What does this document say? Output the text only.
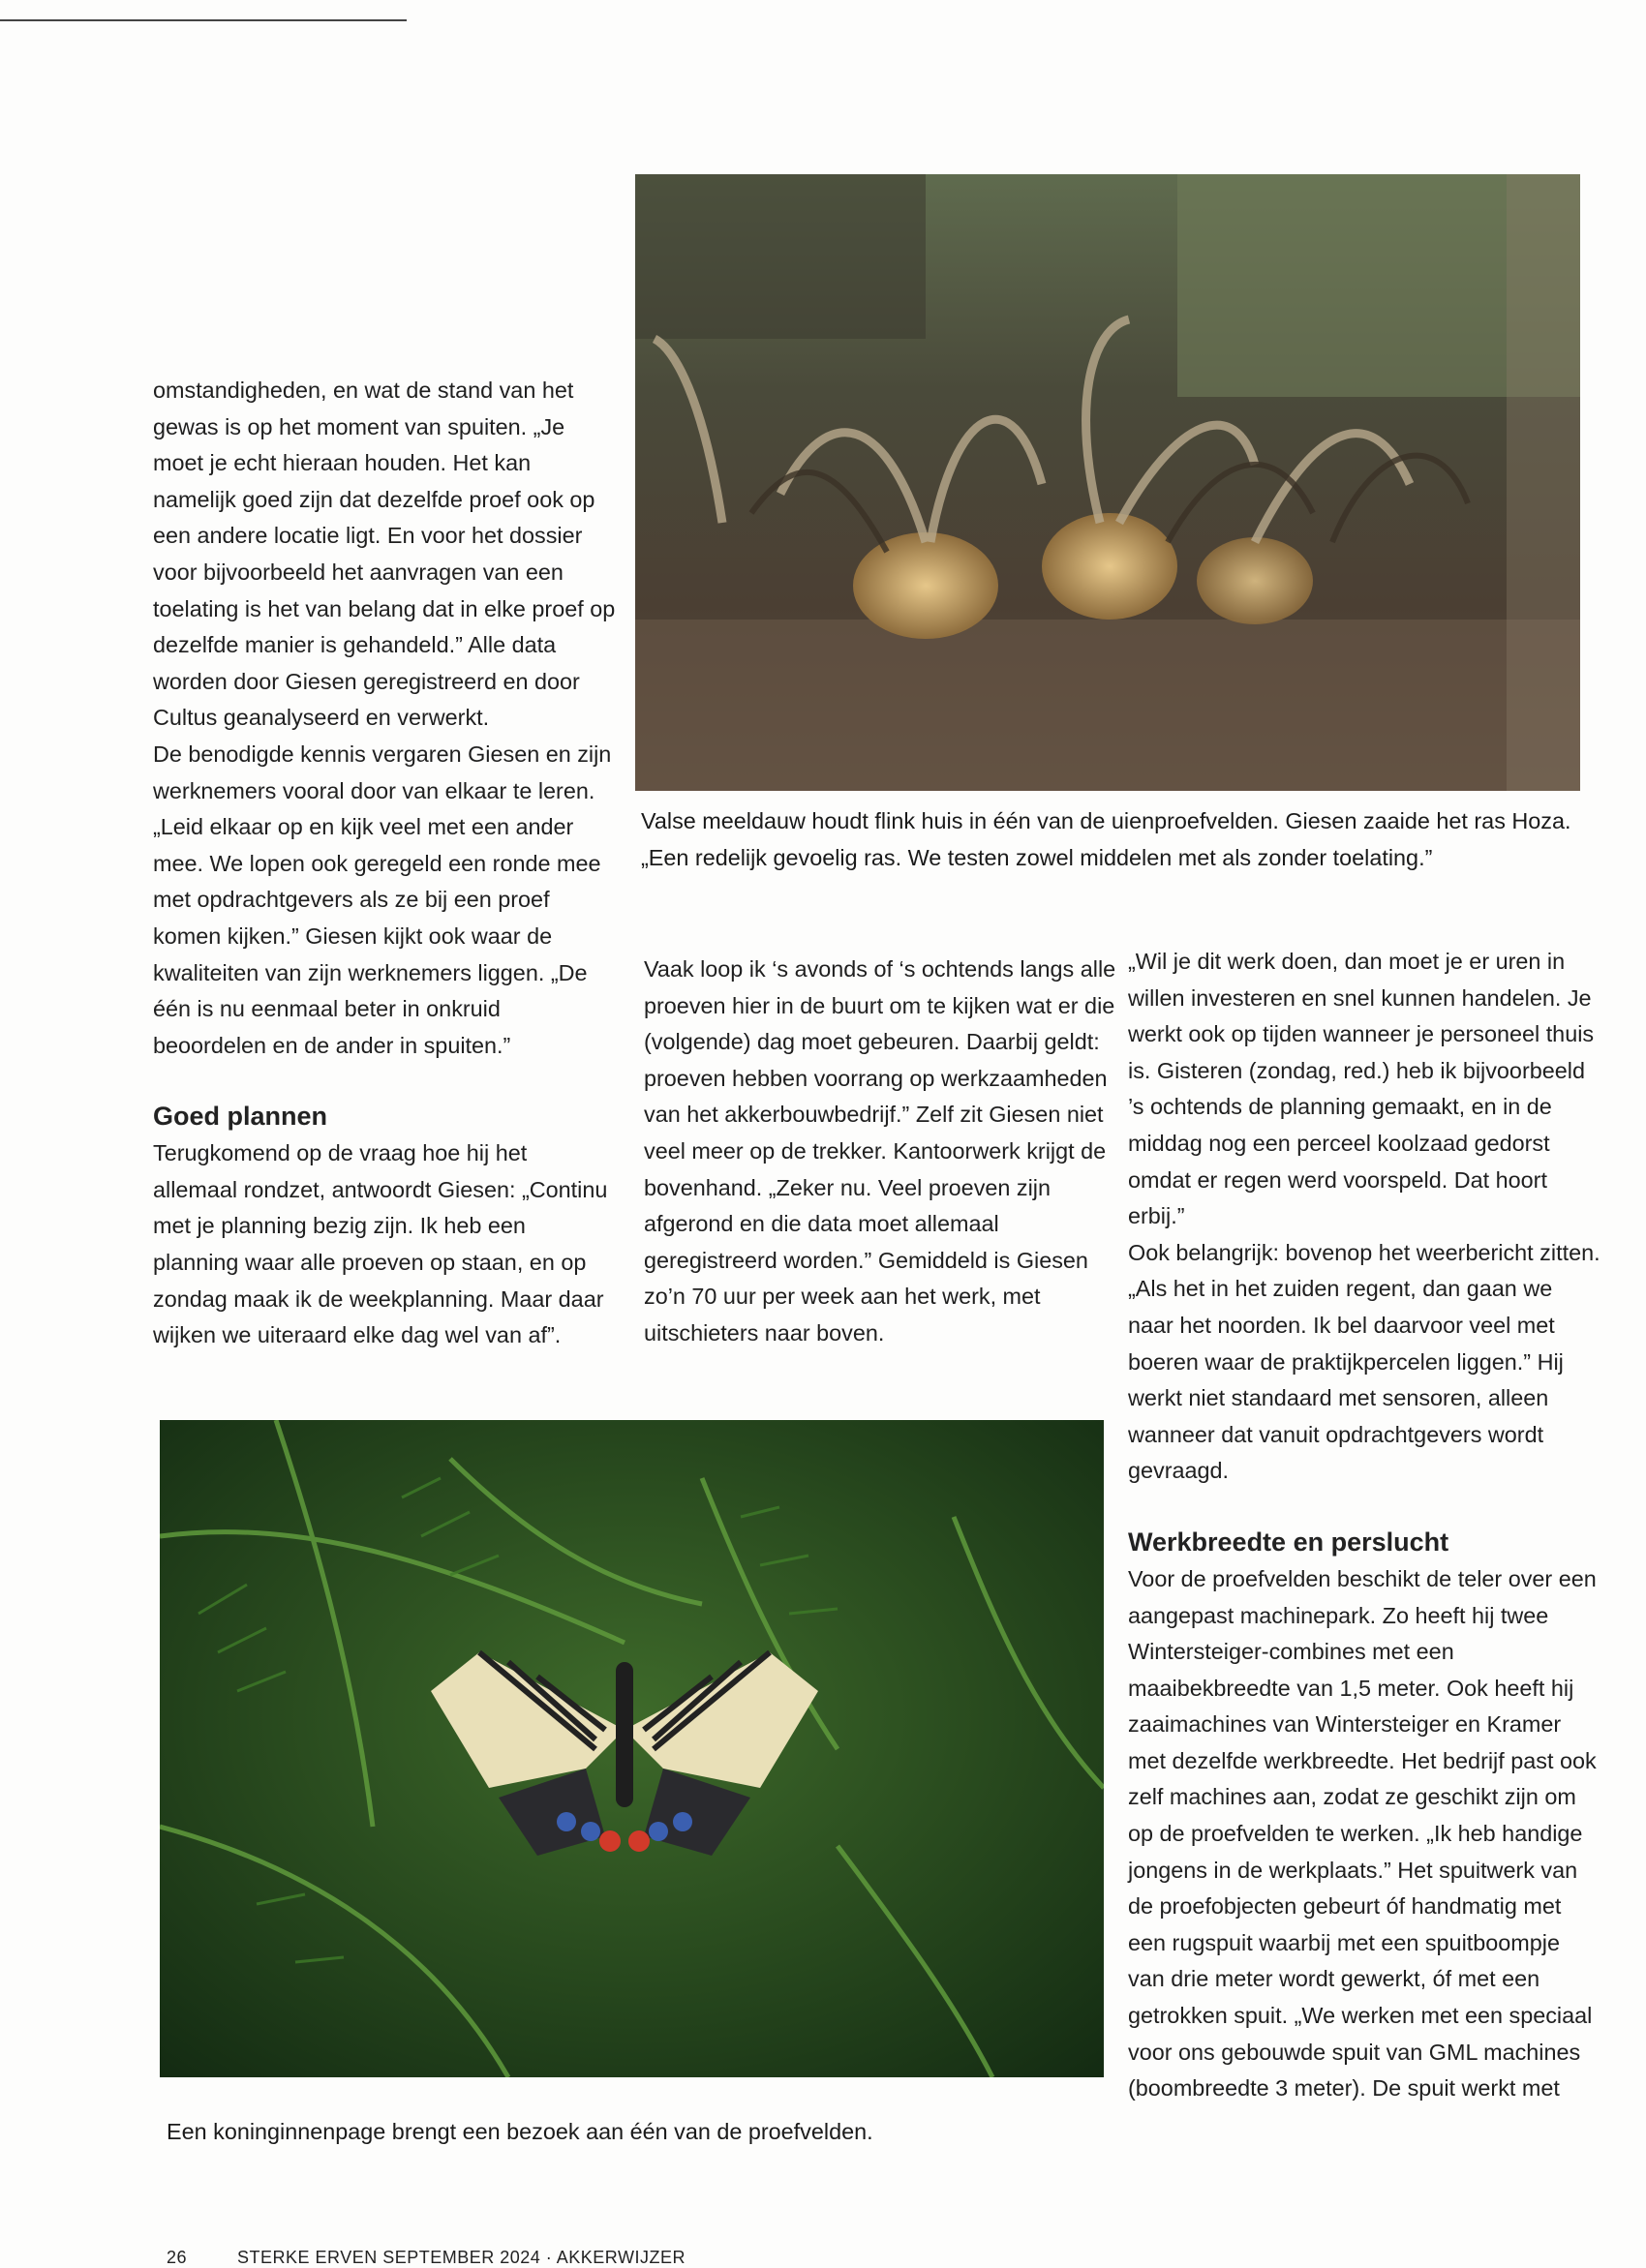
omstandigheden, en wat de stand van het gewas is op het moment van spuiten. „Je moet je echt hieraan houden. Het kan namelijk goed zijn dat dezelfde proef ook op een andere locatie ligt. En voor het dossier voor bijvoorbeeld het aanvragen van een toelating is het van belang dat in elke proef op dezelfde manier is gehandeld.” Alle data worden door Giesen geregistreerd en door Cultus geanalyseerd en verwerkt.

De benodigde kennis vergaren Giesen en zijn werknemers vooral door van elkaar te leren. „Leid elkaar op en kijk veel met een ander mee. We lopen ook geregeld een ronde mee met opdrachtgevers als ze bij een proef komen kijken.” Giesen kijkt ook waar de kwaliteiten van zijn werknemers liggen. „De één is nu eenmaal beter in onkruid beoordelen en de ander in spuiten.”

Goed plannen

Terugkomend op de vraag hoe hij het allemaal rondzet, antwoordt Giesen: „Continu met je planning bezig zijn. Ik heb een planning waar alle proeven op staan, en op zondag maak ik de weekplanning. Maar daar wijken we uiteraard elke dag wel van af”.

Valse meeldauw houdt flink huis in één van de uienproefvelden. Giesen zaaide het ras Hoza. „Een redelijk gevoelig ras. We testen zowel middelen met als zonder toelating.”

Vaak loop ik ‘s avonds of ‘s ochtends langs alle proeven hier in de buurt om te kijken wat er die (volgende) dag moet gebeuren. Daarbij geldt: proeven hebben voorrang op werkzaamheden van het akkerbouwbedrijf.” Zelf zit Giesen niet veel meer op de trekker. Kantoorwerk krijgt de bovenhand. „Zeker nu. Veel proeven zijn afgerond en die data moet allemaal geregistreerd worden.” Gemiddeld is Giesen zo’n 70 uur per week aan het werk, met uitschieters naar boven.

„Wil je dit werk doen, dan moet je er uren in willen investeren en snel kunnen handelen. Je werkt ook op tijden wanneer je personeel thuis is. Gisteren (zondag, red.) heb ik bijvoorbeeld ’s ochtends de planning gemaakt, en in de middag nog een perceel koolzaad gedorst omdat er regen werd voorspeld. Dat hoort erbij.”

Ook belangrijk: bovenop het weerbericht zitten. „Als het in het zuiden regent, dan gaan we naar het noorden. Ik bel daarvoor veel met boeren waar de praktijkpercelen liggen.” Hij werkt niet standaard met sensoren, alleen wanneer dat vanuit opdrachtgevers wordt gevraagd.

Werkbreedte en perslucht

Voor de proefvelden beschikt de teler over een aangepast machinepark. Zo heeft hij twee Wintersteiger-combines met een maaibekbreedte van 1,5 meter. Ook heeft hij zaaimachines van Wintersteiger en Kramer met dezelfde werkbreedte. Het bedrijf past ook zelf machines aan, zodat ze geschikt zijn om op de proefvelden te werken. „Ik heb handige jongens in de werkplaats.” Het spuitwerk van de proefobjecten gebeurt óf handmatig met een rugspuit waarbij met een spuitboompje van drie meter wordt gewerkt, óf met een getrokken spuit. „We werken met een speciaal voor ons gebouwde spuit van GML machines (boombreedte 3 meter). De spuit werkt met

Een koninginnenpage brengt een bezoek aan één van de proefvelden.
26	STERKE ERVEN SEPTEMBER 2024 · AKKERWIJZER
